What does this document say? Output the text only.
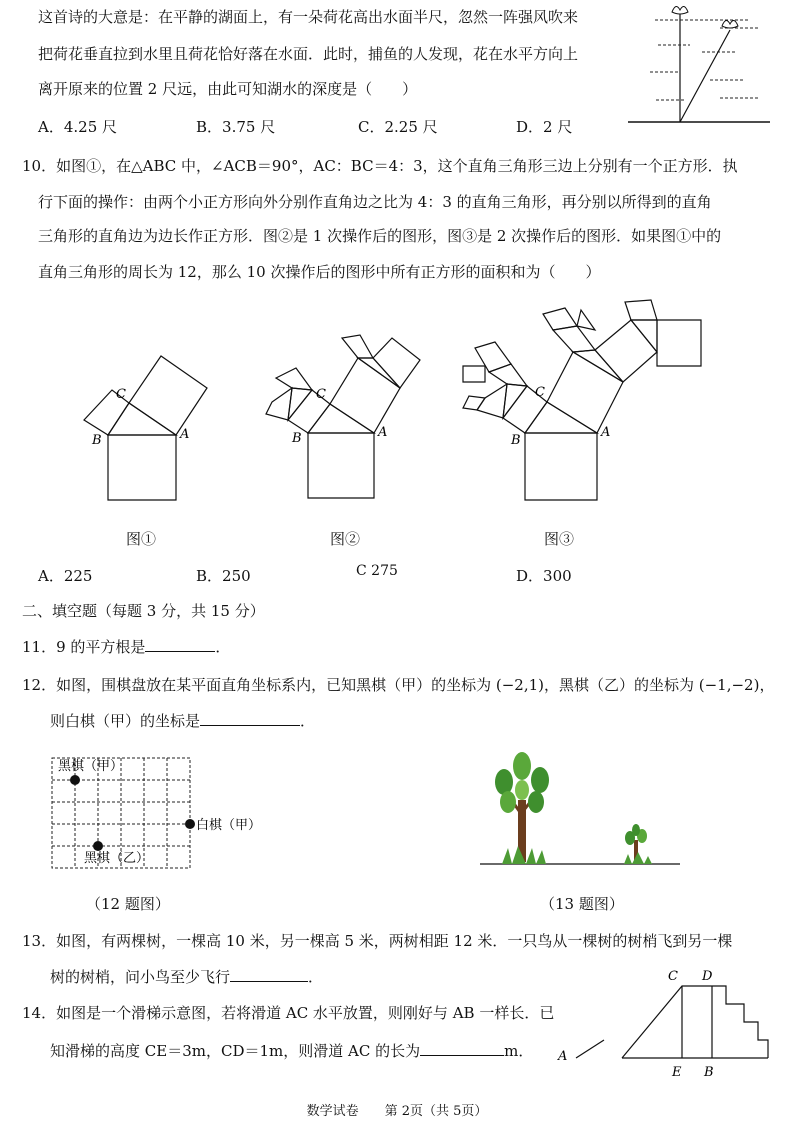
这首诗的大意是：在平静的湖面上，有一朵荷花高出水面半尺，忽然一阵强风吹来
把荷花垂直拉到水里且荷花恰好落在水面．此时，捕鱼的人发现，花在水平方向上
离开原来的位置 2 尺远，由此可知湖水的深度是（　　）
A．4.25 尺	B．3.75 尺	C．2.25 尺	D．2 尺
10．如图①，在△ABC 中，∠ACB＝90°，AC：BC＝4：3，这个直角三角形三边上分别有一个正方形．执
行下面的操作：由两个小正方形向外分别作直角边之比为 4：3 的直角三角形，再分别以所得到的直角
三角形的直角边为边长作正方形．图②是 1 次操作后的图形，图③是 2 次操作后的图形．如果图①中的
直角三角形的周长为 12，那么 10 次操作后的图形中所有正方形的面积和为（　　）
B	A
C
B	A
C
B
A
C
图①	图②	图③
A．225	B．250	C 275	D．300
二、填空题（每题 3 分，共 15 分）
11．9 的平方根是	．
12．如图，围棋盘放在某平面直角坐标系内，已知黑棋（甲）的坐标为 (−2,1)，黑棋（乙）的坐标为 (−1,−2)，
则白棋（甲）的坐标是	．
黑棋（甲）
白棋（甲）
黑棋（乙）
（12 题图）	（13 题图）
13．如图，有两棵树，一棵高 10 米，另一棵高 5 米，两树相距 12 米．一只鸟从一棵树的树梢飞到另一棵
树的树梢，问小鸟至少飞行	．
14．如图是一个滑梯示意图，若将滑道 AC 水平放置，则刚好与 AB 一样长．已
知滑梯的高度 CE＝3m，CD＝1m，则滑道 AC 的长为	m． A
C D
E B
数学试卷　　第 2页（共 5页）
